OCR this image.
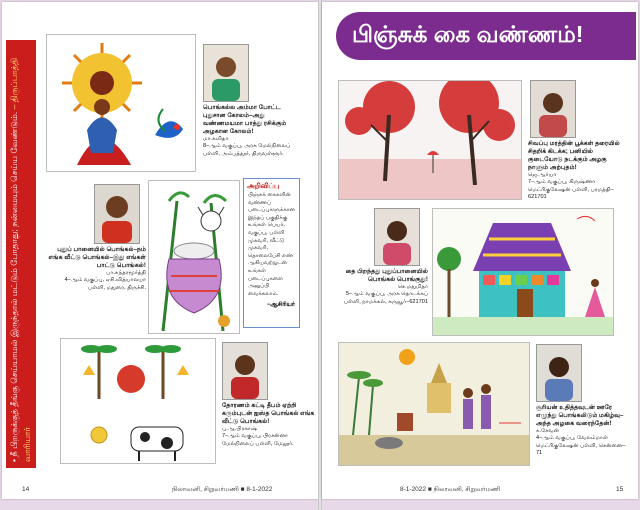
• நீ பிறருக்குத் தீங்கு செய்யாமல் இருந்தால் மட்டும் போதாது; நன்மையும் செய்ய வேண்டும். – திருப்பாத்தி வாரியார்
பொங்கல்ல அம்மா போட்ட புதுசான கோலம்–அது வண்ணமயமா பாத்து ரசிக்கும் அழகான கோலம்!
மா.கவிதா
8–ஆம் வகுப்பு, அரசு மேல்நிலைப் பள்ளி, அம்பத்தூர், திருவள்ளூர்.
புதுப் பானையில் பொங்கல்–நம் எங்க வீட்டு பொங்கல்–இது எங்கள் பாட்டு பொங்கல்!
பா.சுந்தரமூர்த்தி
4–ஆம் வகுப்பு, ஏசி.வித்யாலயா பள்ளி, மதுரை, திருச்சி.
அறிவிப்பு
பிஞ்சுக் கைகளின் வண்ணப் படைப்புகளுக்கான இந்தப் பகுதிக்கு உங்கள் பெயர், வகுப்பு, பள்ளி முகவரி, வீட்டு முகவரி, தொலைபேசி எண் ஆகியவற்றுடன் உங்கள் படைப்புகளை அனுப்பி வைக்கலாம்.
–ஆசிரியர்
தோரணம் கட்டி தீபம் ஏற்றி கரும்புடன் ஐஸ்த பொங்கல் எங்க வீட்டு பொங்கல்!
பு.ஆ.பிரகாஷ்
7–ஆம் வகுப்பு, பிரசன்னா மேல்நிலைப் பள்ளி, மேலூர்.
14	நிலாவனி, சிறுவர்மணி ■ 8-1-2022
பிஞ்சுக் கை வண்ணம்!
சிவப்பு மரத்தின் பூக்கள் தரையில் சிதறிக் கிடக்க; பனியில் குடையோடு நடக்கும் அழகு நாளும் அற்புதம்!
ஜெ.ஆர்யா
7–ஆம் வகுப்பு, கிருஷ்ணா மெட்ரிகுலேஷன் பள்ளி, பரமத்தி–621701
தை பிறந்தது புதுப்பானையில் பொங்கல் பொங்குது!
செ.மதுமிதா
5–ஆம் வகுப்பு, அரசு தொடக்கப் பள்ளி, நாமக்கல், கருவூர்–621701
சூரியன் உதித்தவுடன் ஊரே எழுந்து பொங்கலிடும் மகிழ்வு–அந்த அழகை வரைந்தேன்!
க.சேவன்
4–ஆம் வகுப்பு, வேலம்மாள் மெட்ரிகுலேஷன் பள்ளி, சென்னை–71
8-1-2022 ■ நிலாவனி, சிறுவர்மணி	15
